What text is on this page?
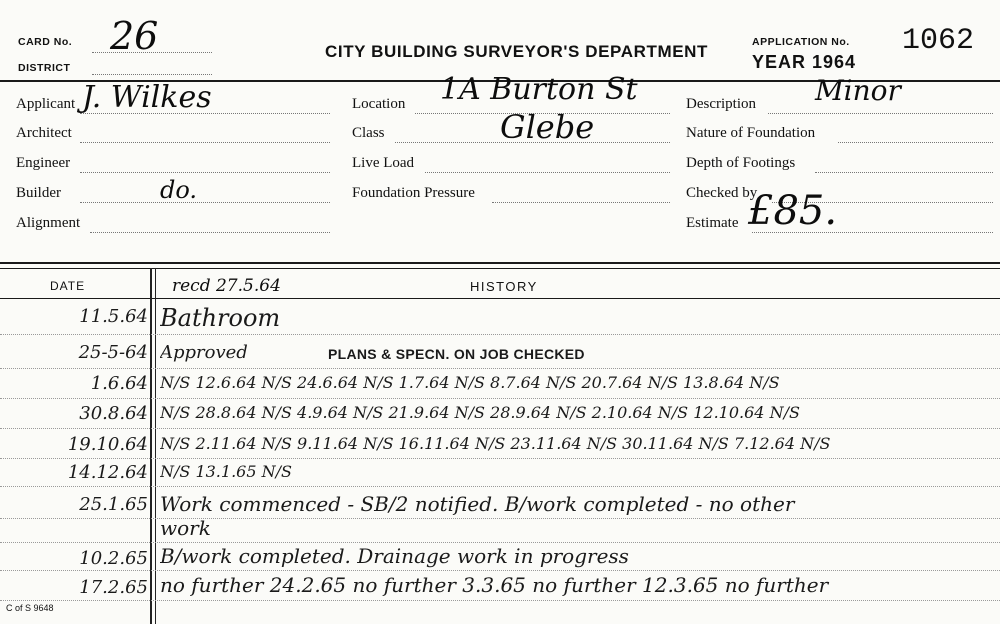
CARD No. 26
DISTRICT
CITY BUILDING SURVEYOR'S DEPARTMENT	APPLICATION No. 1062
YEAR 1964
Applicant J. Wilkes
Architect
Engineer
Builder	do.
Alignment
Location 1A Burton St
Class	Glebe
Live Load
Foundation Pressure
Description Minor
Nature of Foundation
Depth of Footings
Checked by
Estimate £85.
DATE	HISTORY
recd 27.5.64
11.5.64 Bathroom
25-5-64 Approved	PLANS & SPECN. ON JOB CHECKED
1.6.64 N/S 12.6.64 N/S 24.6.64 N/S 1.7.64 N/S 8.7.64 N/S 20.7.64 N/S 13.8.64 N/S
30.8.64 N/S 28.8.64 N/S 4.9.64 N/S 21.9.64 N/S 28.9.64 N/S 2.10.64 N/S 12.10.64 N/S
19.10.64 N/S 2.11.64 N/S 9.11.64 N/S 16.11.64 N/S 23.11.64 N/S 30.11.64 N/S 7.12.64 N/S
14.12.64 N/S 13.1.65 N/S
25.1.65 Work commenced - SB/2 notified. B/work completed - no other
work
10.2.65 B/work completed. Drainage work in progress
17.2.65 no further 24.2.65 no further 3.3.65 no further 12.3.65 no further
C of S 9648
